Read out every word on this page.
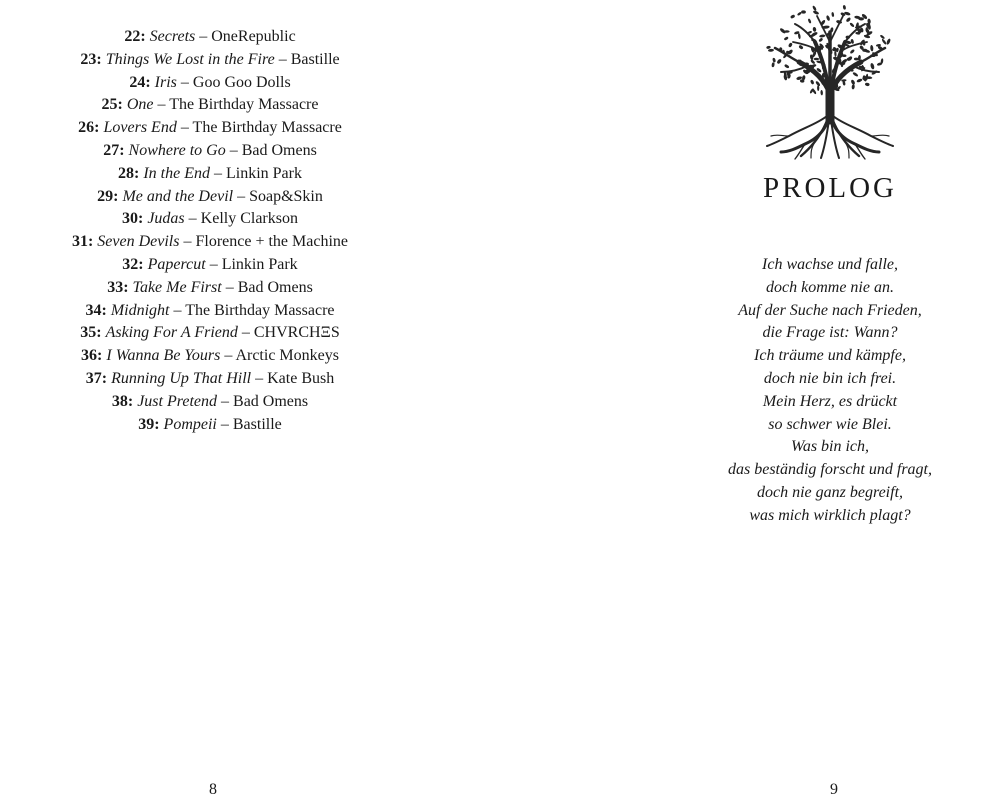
22: Secrets – OneRepublic
23: Things We Lost in the Fire – Bastille
24: Iris – Goo Goo Dolls
25: One – The Birthday Massacre
26: Lovers End – The Birthday Massacre
27: Nowhere to Go – Bad Omens
28: In the End – Linkin Park
29: Me and the Devil – Soap&Skin
30: Judas – Kelly Clarkson
31: Seven Devils – Florence + the Machine
32: Papercut – Linkin Park
33: Take Me First – Bad Omens
34: Midnight – The Birthday Massacre
35: Asking For A Friend – CHVRCHΞS
36: I Wanna Be Yours – Arctic Monkeys
37: Running Up That Hill – Kate Bush
38: Just Pretend – Bad Omens
39: Pompeii – Bastille
8
PROLOG
Ich wachse und falle,
doch komme nie an.
Auf der Suche nach Frieden,
die Frage ist: Wann?
Ich träume und kämpfe,
doch nie bin ich frei.
Mein Herz, es drückt
so schwer wie Blei.
Was bin ich,
das beständig forscht und fragt,
doch nie ganz begreift,
was mich wirklich plagt?
9
